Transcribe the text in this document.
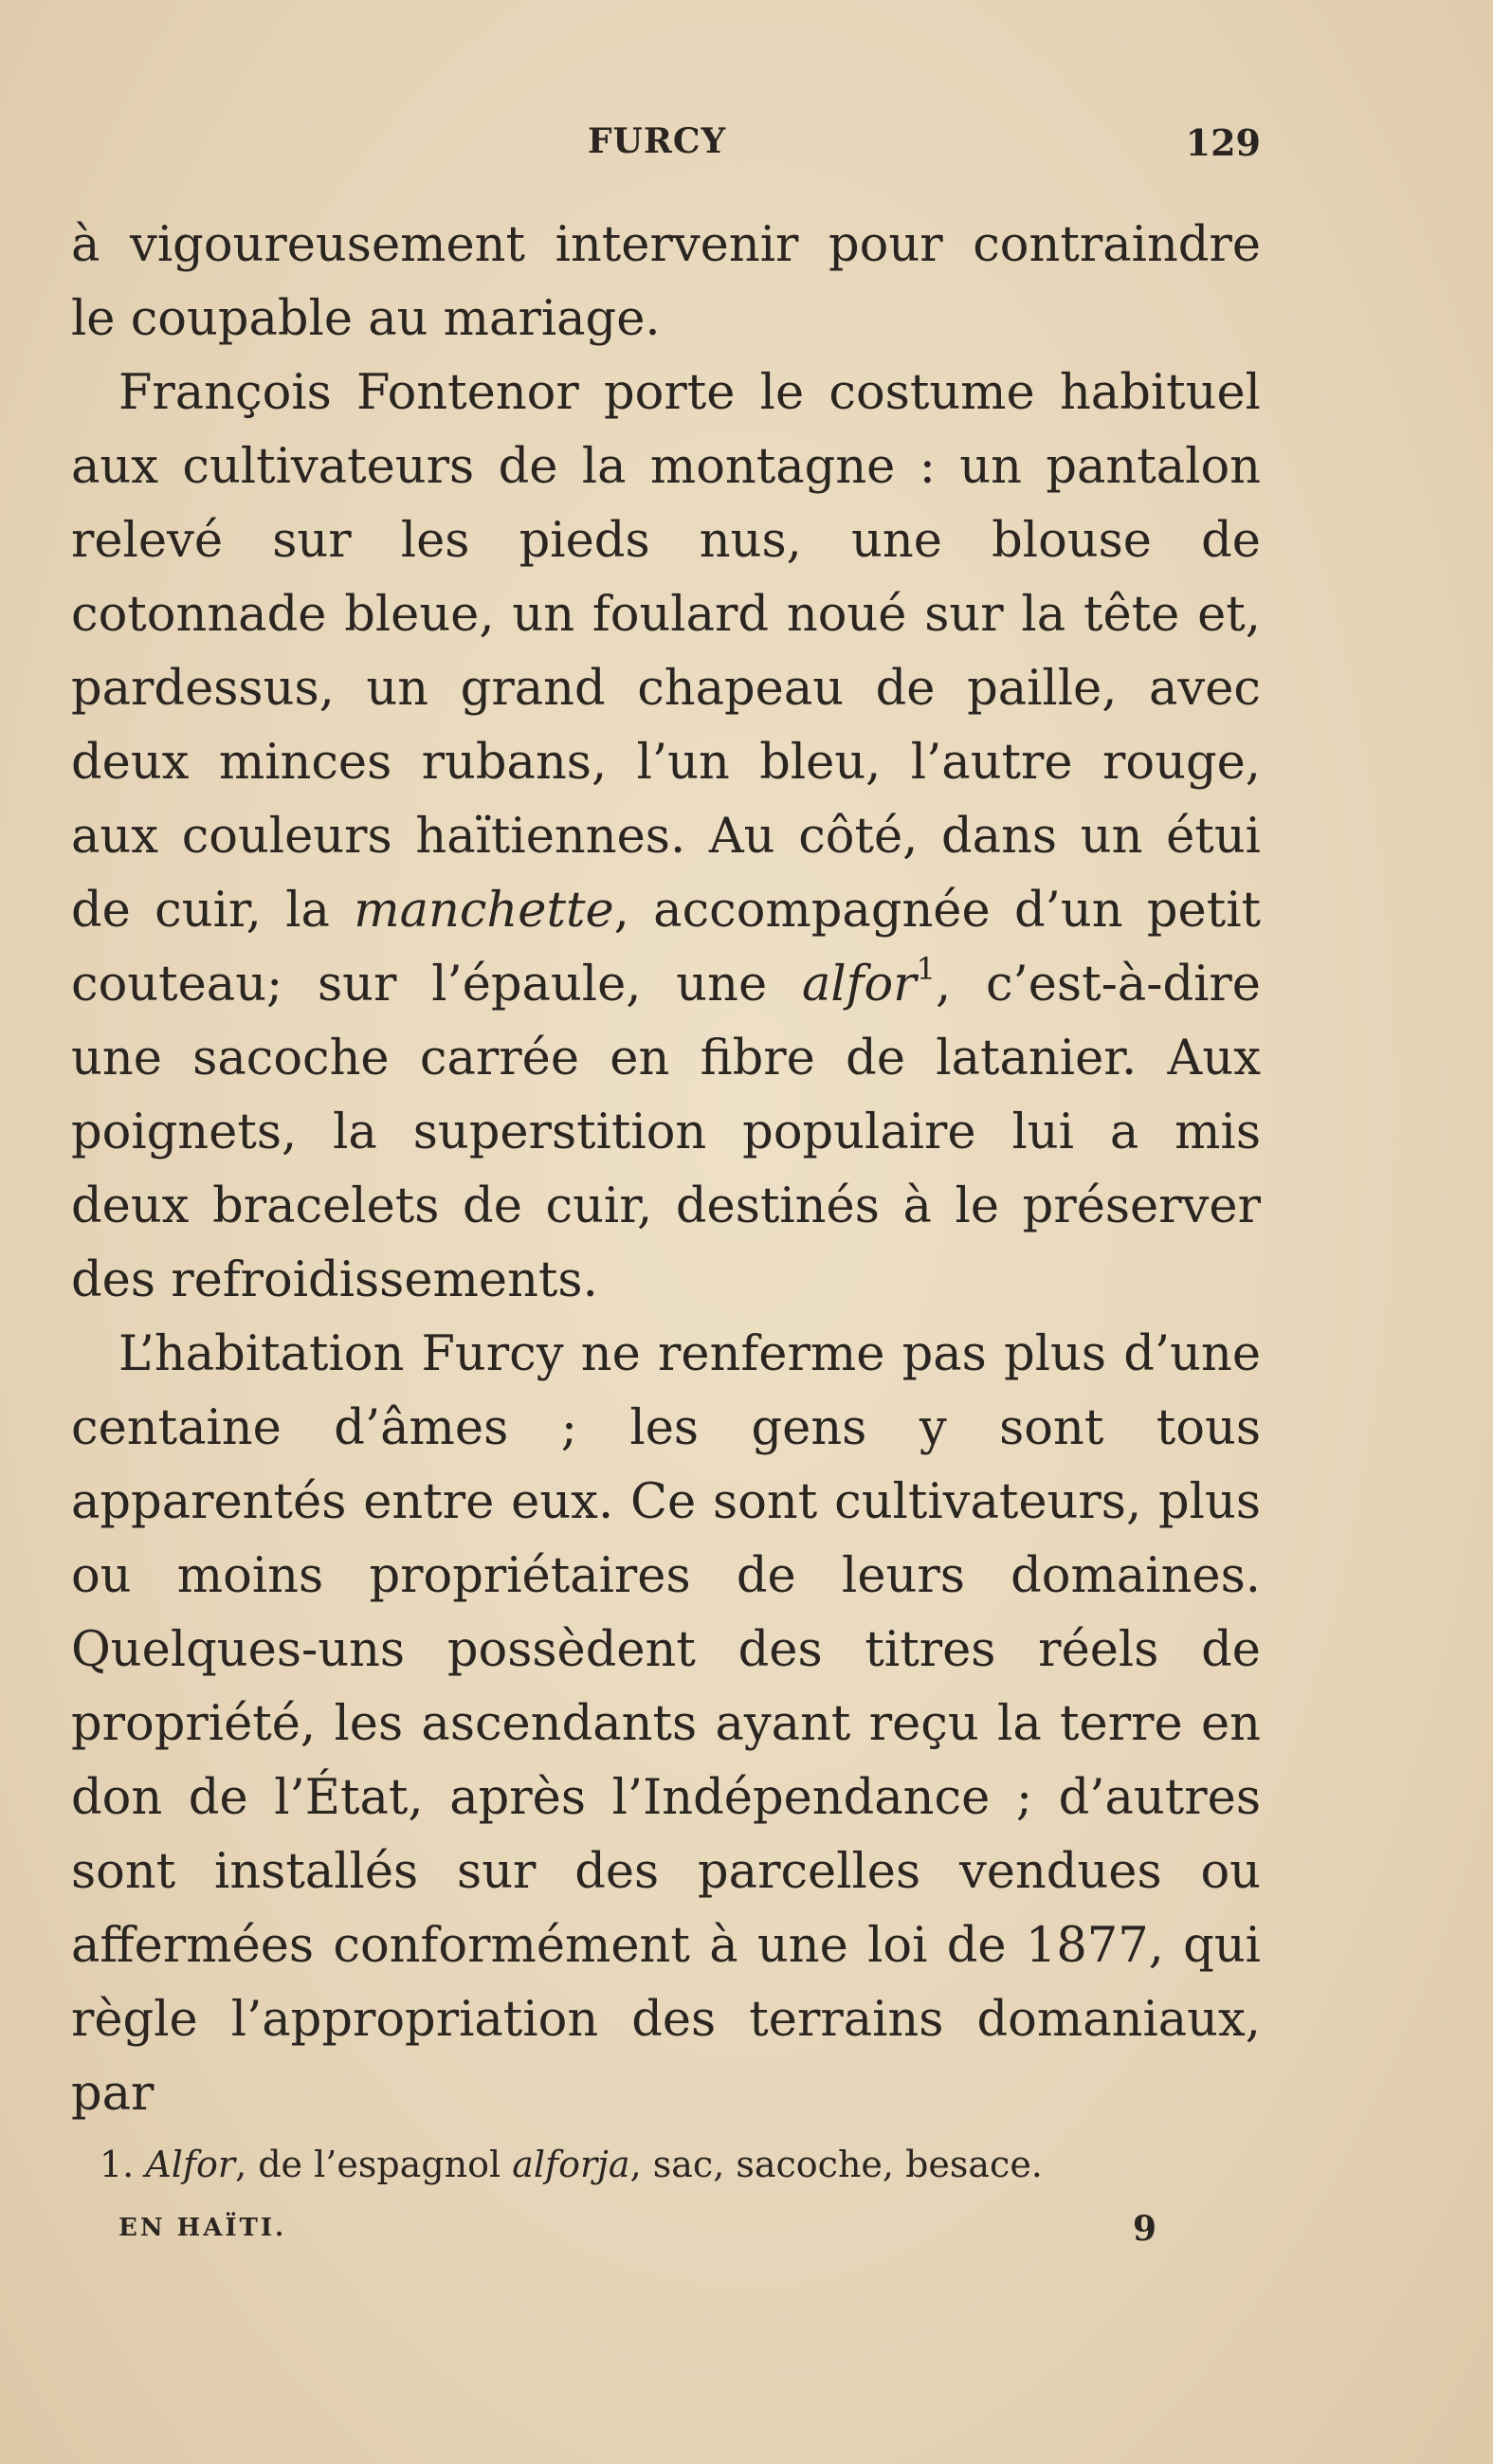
FURCY	129

à vigoureusement intervenir pour contraindre le coupable au mariage.

François Fontenor porte le costume habituel aux cultivateurs de la montagne : un pantalon relevé sur les pieds nus, une blouse de cotonnade bleue, un foulard noué sur la tête et, pardessus, un grand chapeau de paille, avec deux minces rubans, l’un bleu, l’autre rouge, aux couleurs haïtiennes. Au côté, dans un étui de cuir, la manchette, accompagnée d’un petit couteau; sur l’épaule, une alfor$^1$, c’est-à-dire une sacoche carrée en fibre de latanier. Aux poignets, la superstition populaire lui a mis deux bracelets de cuir, destinés à le préserver des refroidissements.

L’habitation Furcy ne renferme pas plus d’une centaine d’âmes ; les gens y sont tous apparentés entre eux. Ce sont cultivateurs, plus ou moins propriétaires de leurs domaines. Quelques-uns possèdent des titres réels de propriété, les ascendants ayant reçu la terre en don de l’État, après l’Indépendance ; d’autres sont installés sur des parcelles vendues ou affermées conformément à une loi de 1877, qui règle l’appropriation des terrains domaniaux, par

1. Alfor, de l’espagnol alforja, sac, sacoche, besace.
EN HAÏTI.	9
